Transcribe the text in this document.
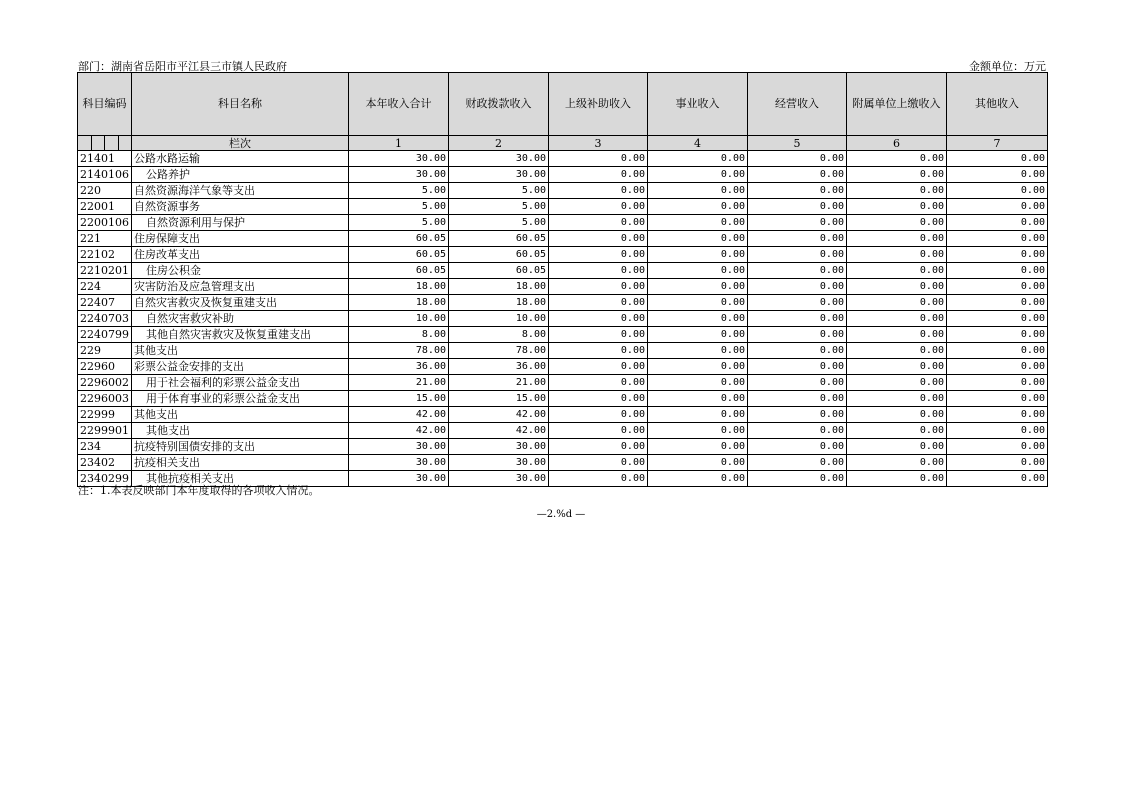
部门：湖南省岳阳市平江县三市镇人民政府	金额单位：万元
科目编码	科目名称	本年收入合计	财政拨款收入	上级补助收入	事业收入	经营收入	附属单位上缴收入	其他收入

	栏次	1	2	3	4	5	6	7
21401	公路水路运输	30.00	30.00	0.00	0.00	0.00	0.00	0.00
2140106	公路养护	30.00	30.00	0.00	0.00	0.00	0.00	0.00
220	自然资源海洋气象等支出	5.00	5.00	0.00	0.00	0.00	0.00	0.00
22001	自然资源事务	5.00	5.00	0.00	0.00	0.00	0.00	0.00
2200106	自然资源利用与保护	5.00	5.00	0.00	0.00	0.00	0.00	0.00
221	住房保障支出	60.05	60.05	0.00	0.00	0.00	0.00	0.00
22102	住房改革支出	60.05	60.05	0.00	0.00	0.00	0.00	0.00
2210201	住房公积金	60.05	60.05	0.00	0.00	0.00	0.00	0.00
224	灾害防治及应急管理支出	18.00	18.00	0.00	0.00	0.00	0.00	0.00
22407	自然灾害救灾及恢复重建支出	18.00	18.00	0.00	0.00	0.00	0.00	0.00
2240703	自然灾害救灾补助	10.00	10.00	0.00	0.00	0.00	0.00	0.00
2240799	其他自然灾害救灾及恢复重建支出	8.00	8.00	0.00	0.00	0.00	0.00	0.00
229	其他支出	78.00	78.00	0.00	0.00	0.00	0.00	0.00
22960	彩票公益金安排的支出	36.00	36.00	0.00	0.00	0.00	0.00	0.00
2296002	用于社会福利的彩票公益金支出	21.00	21.00	0.00	0.00	0.00	0.00	0.00
2296003	用于体育事业的彩票公益金支出	15.00	15.00	0.00	0.00	0.00	0.00	0.00
22999	其他支出	42.00	42.00	0.00	0.00	0.00	0.00	0.00
2299901	其他支出	42.00	42.00	0.00	0.00	0.00	0.00	0.00
234	抗疫特别国债安排的支出	30.00	30.00	0.00	0.00	0.00	0.00	0.00
23402	抗疫相关支出	30.00	30.00	0.00	0.00	0.00	0.00	0.00
2340299	其他抗疫相关支出	30.00	30.00	0.00	0.00	0.00	0.00	0.00
注：1.本表反映部门本年度取得的各项收入情况。
—2.%d —
